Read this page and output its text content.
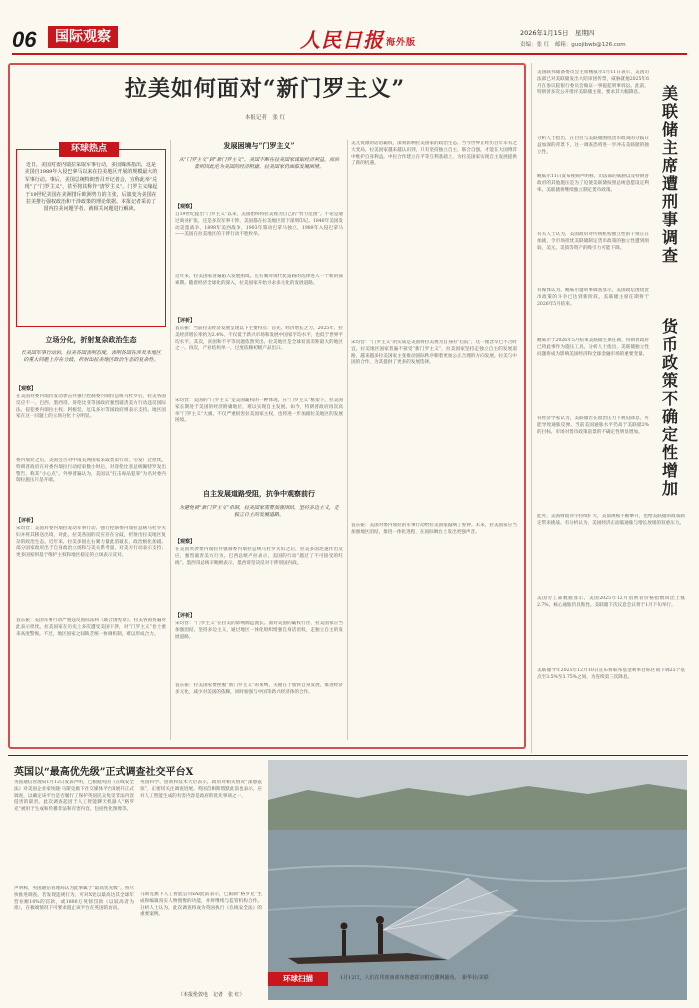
06	国际观察	人民日报 海外版
2026年1月15日　星期四
责编：张 红　邮箱：guojibwb@126.com
拉美如何面对“新门罗主义”
本报记者　张 红
环球热点
近日，美国对委内瑞拉采取军事行动，多国媒体指出，这是美国自1989年入侵巴拿马以来在拉美地区开展的规模最大的军事行动。事后，美国总统特朗普召开记者会，宣称此举“兑现”了“门罗主义”，甚至将其称作“唐罗主义”。门罗主义缘起于19世纪美国在美洲排斥欧洲势力的主张，后演变为美国在拉美推行强权政治和干涉政策的理论依据。本报记者采访了国内拉美问题学者，就相关问题进行解读。
立场分化，折射复杂政治生态
长美国军事行动后，拉美各国表明态度，表明各国在涉及本地区的重大问题上存在分歧，折射出拉美地区政治生态的复杂性。
【观察】
在美国对委内瑞拉发动袭击并强行控制委内瑞拉总统马杜罗后，拉美各国反应不一。巴西、墨西哥、哥伦比亚等国政府强烈谴责美方行动违反国际法，侵犯委内瑞拉主权；阿根廷、厄瓜多尔等国政府则表示支持。地区国家在这一问题上的立场分化十分明显。
委内瑞拉之后，美国会否对中南美洲国家采取类似行动，引发广泛担忧。特朗普政府在对委内瑞拉行动结束数小时后，对哥伦比亚总统佩特罗发出警告，称其“小心点”。外界普遍认为，美国以“打击毒品犯罪”为名对委内瑞拉施压只是开端。
【评析】
宋均营：美国对委内瑞拉发动军事行动、强行控制委内瑞拉总统马杜罗夫妇并将其移送出境，对此，拉美各国的反应存在分歧，折射出拉美地区复杂的政治生态。近年来，拉美多国左右翼力量此消彼长，政治极化加剧。部分国家政府出于自身政治立场和与美关系考量，对美方行动表示支持；更多国家则基于维护主权和地区稳定的立场表示反对。
袁东振：美国军事行动严重违反国际法和《联合国宪章》，拉美各国普遍对此表示担忧。拉美国家在历史上多次遭受美国干涉，对“门罗主义”卷土重来高度警惕。不过，地区国家之间缺乏统一协调机制，难以形成合力。
发展困境与“门罗主义”
从“门罗主义”到“新门罗主义”，美国不断在拉美国家谋取经济利益，而后者则因此沦为美国的经济附庸。拉美国家仍面临发展困境。
【观察】
自19世纪提出“门罗主义”以来，美国始终将拉美视为自己的“势力范围”。不论是通过商业扩张，还是多次军事干涉，美国都在拉美地区留下深刻印记。1846年美国发动美墨战争，1898年美西战争，1903年策动巴拿马独立，1989年入侵巴拿马——美国在拉美地区的干涉行动不胜枚举。
近年来，拉美国家普遍陷入发展困境。左右翼对现代化道路的选择进入一个新的探索期。随着经济全球化的深入，拉美国家开始寻求多元化的发展道路。
【评析】
袁东振：当前拉美经济发展呈现以下主要特点：首先，经济增长乏力。2025年，拉美经济增长率约为2.4%，不仅低于新兴市场和发展中国家平均水平，也低于世界平均水平。其次，贫困和不平等问题依然突出。拉美地区是全球贫富差距最大的地区之一。再次，产业结构单一，过度依赖初级产品出口。
宋均营：美国的“门罗主义”是美国霸权的一种体现。在“门罗主义”框架下，拉美国家长期处于美国的经济附庸地位，难以实现自主发展。如今，特朗普政府再次高举“门罗主义”大旗，不仅严重损害拉美国家主权，也将进一步加剧拉美地区的发展困境。
自主发展道路受阻，抗争中观察前行
为避免被“新门罗主义”牵制，拉美国家需要加强团结，坚持多边主义，走独立自主的发展道路。
【观察】
在美国突袭委内瑞拉并强制委内瑞拉总统马杜罗夫妇之后，拉美多国迅速作出反应，强烈谴责美方行为。巴西总统卢拉表示，美国的行动“越过了不可接受的红线”。墨西哥总统辛鲍姆表示，墨西哥坚决反对干涉别国内政。
【评析】
宋均营：“门罗主义”在拉美的影响源远流长。面对美国的霸权行径，拉美国家应当加强团结，坚持多边主义，通过地区一体化组织增强自身话语权，走独立自主的发展道路。
袁东振：拉美国家要摆脱“新门罗主义”的束缚，关键在于加快自身发展，推进经济多元化，减少对美国的依赖，同时加强与中国等新兴经济体的合作。
美元资源的话语霸权，深刻影响拉美国家的政治生态。当今世界正经历百年未有之大变局，拉美国家越来越认识到，只有坚持独立自主、联合自强，才能在大国博弈中维护自身利益。中拉合作建立在平等互利基础上，为拉美国家实现自主发展提供了新的机遇。
宋均营：“门罗主义”的实质是美国将拉美视为自身的“后院”，这一理念早已不合时宜。拉美地区国家普遍不接受“新门罗主义”，拉美国家坚持走独立自主的发展道路，越来越多拉美国家主张推动国际秩序朝着更加公正合理的方向发展。拉美与中国的合作，为其提供了更多的发展选择。
袁东振：美国对委内瑞拉的军事行动给拉美国家敲响了警钟。未来，拉美国家应当加强地区团结，推进一体化进程，在国际舞台上发出更强声音。
美联储主席遭刑事调查
货币政策不确定性增加
美国联邦储备委员会主席鲍威尔1月11日表示，美国司法部已对美联储发出大陪审团传票，威胁就他2025年6月在参议院银行委员会做证一事提起刑事诉讼。此前，特朗普多次公开批评美联储主席，要求其大幅降息。
分析人士指出，在白宫与美联储围绕货币政策的分歧日益加深的背景下，这一调查恐将进一步冲击美联储的独立性。
鲍威尔11日发布视频声明称，司法部的威胁以及特朗普政府的其他施压是为了迫使美联储按照总统意愿设定利率。美联储将继续独立制定货币政策。
有关人士认为，美国政府对传统机构独立性的干预正在加剧，令市场担忧美联储制定货币政策的独立性遭到削弱，美元、美债等资产的吸引力可能下降。
有媒体认为，鲍威尔遭刑事调查显示，美国政坛围绕货币政策的斗争已达到新阶段。美联储主席任期将于2026年5月结束。
鲍威尔于2026年5月结束美联储主席任期，特朗普政府已将此事作为施压工具。分析人士指出，美联储独立性问题将成为影响美国经济和全球金融市场的重要变量。
有经济学家认为，美联储若在政治压力下被迫降息，可能导致通胀反弹。当前美国通胀水平仍高于美联储2%的目标，市场对货币政策前景的不确定性明显增加。
此外，美国财政赤字持续扩大，美债规模不断攀升，也给美联储的政策制定带来挑战。有分析认为，美国经济正面临通胀与增长放缓的双重压力。
美国劳工部数据显示，美国2025年12月消费者价格指数同比上涨2.7%，核心通胀仍具粘性。美联储下次议息会议将于1月下旬举行。
美联储今年2025年12月10日宣布将联邦基金利率目标区间下调25个基点至3.5%至3.75%之间，为连续第三次降息。
英国以“最高优先级”正式调查社交平台X
英国通信管理局1月12日发表声明，已根据英国《在线安全法》对美国企业家埃隆·马斯克旗下社交媒体平台X展开正式调查，以确定该平台是否履行了保护英国民众免受非法内容侵害的职责。此次调查起因于人工智能聊天机器人“格罗克”被用于生成和传播非法和有害内容，包括性化图像等。
声明称，英国通信管理局认为此事属于“最高优先级”，将尽快推进调查。若发现违规行为，可对X处以最高达其全球年营业额10%的罚款，或1800万英镑罚款（以较高者为准），在极端情况下可要求阻止该平台在英国的访问。
英国科学、创新和技术大臣表示，政府对相关情况“深感震惊”，正密切关注调查进展。英国首相斯塔默此前也表示，应对人工智能生成的有害内容是政府的优先事项之一。
马斯克旗下人工智能公司xAI此前表示，已限制“格罗克”生成和编辑真实人物图像的功能，并将继续与监管机构合作。分析人士认为，此次调查将成为英国执行《在线安全法》的重要案例。
（本报伦敦电　记者　张 红）
环球扫描	1月12日，人们在印度南部布鲁德霍尔附近撒网捕鱼。　新华社/美联
